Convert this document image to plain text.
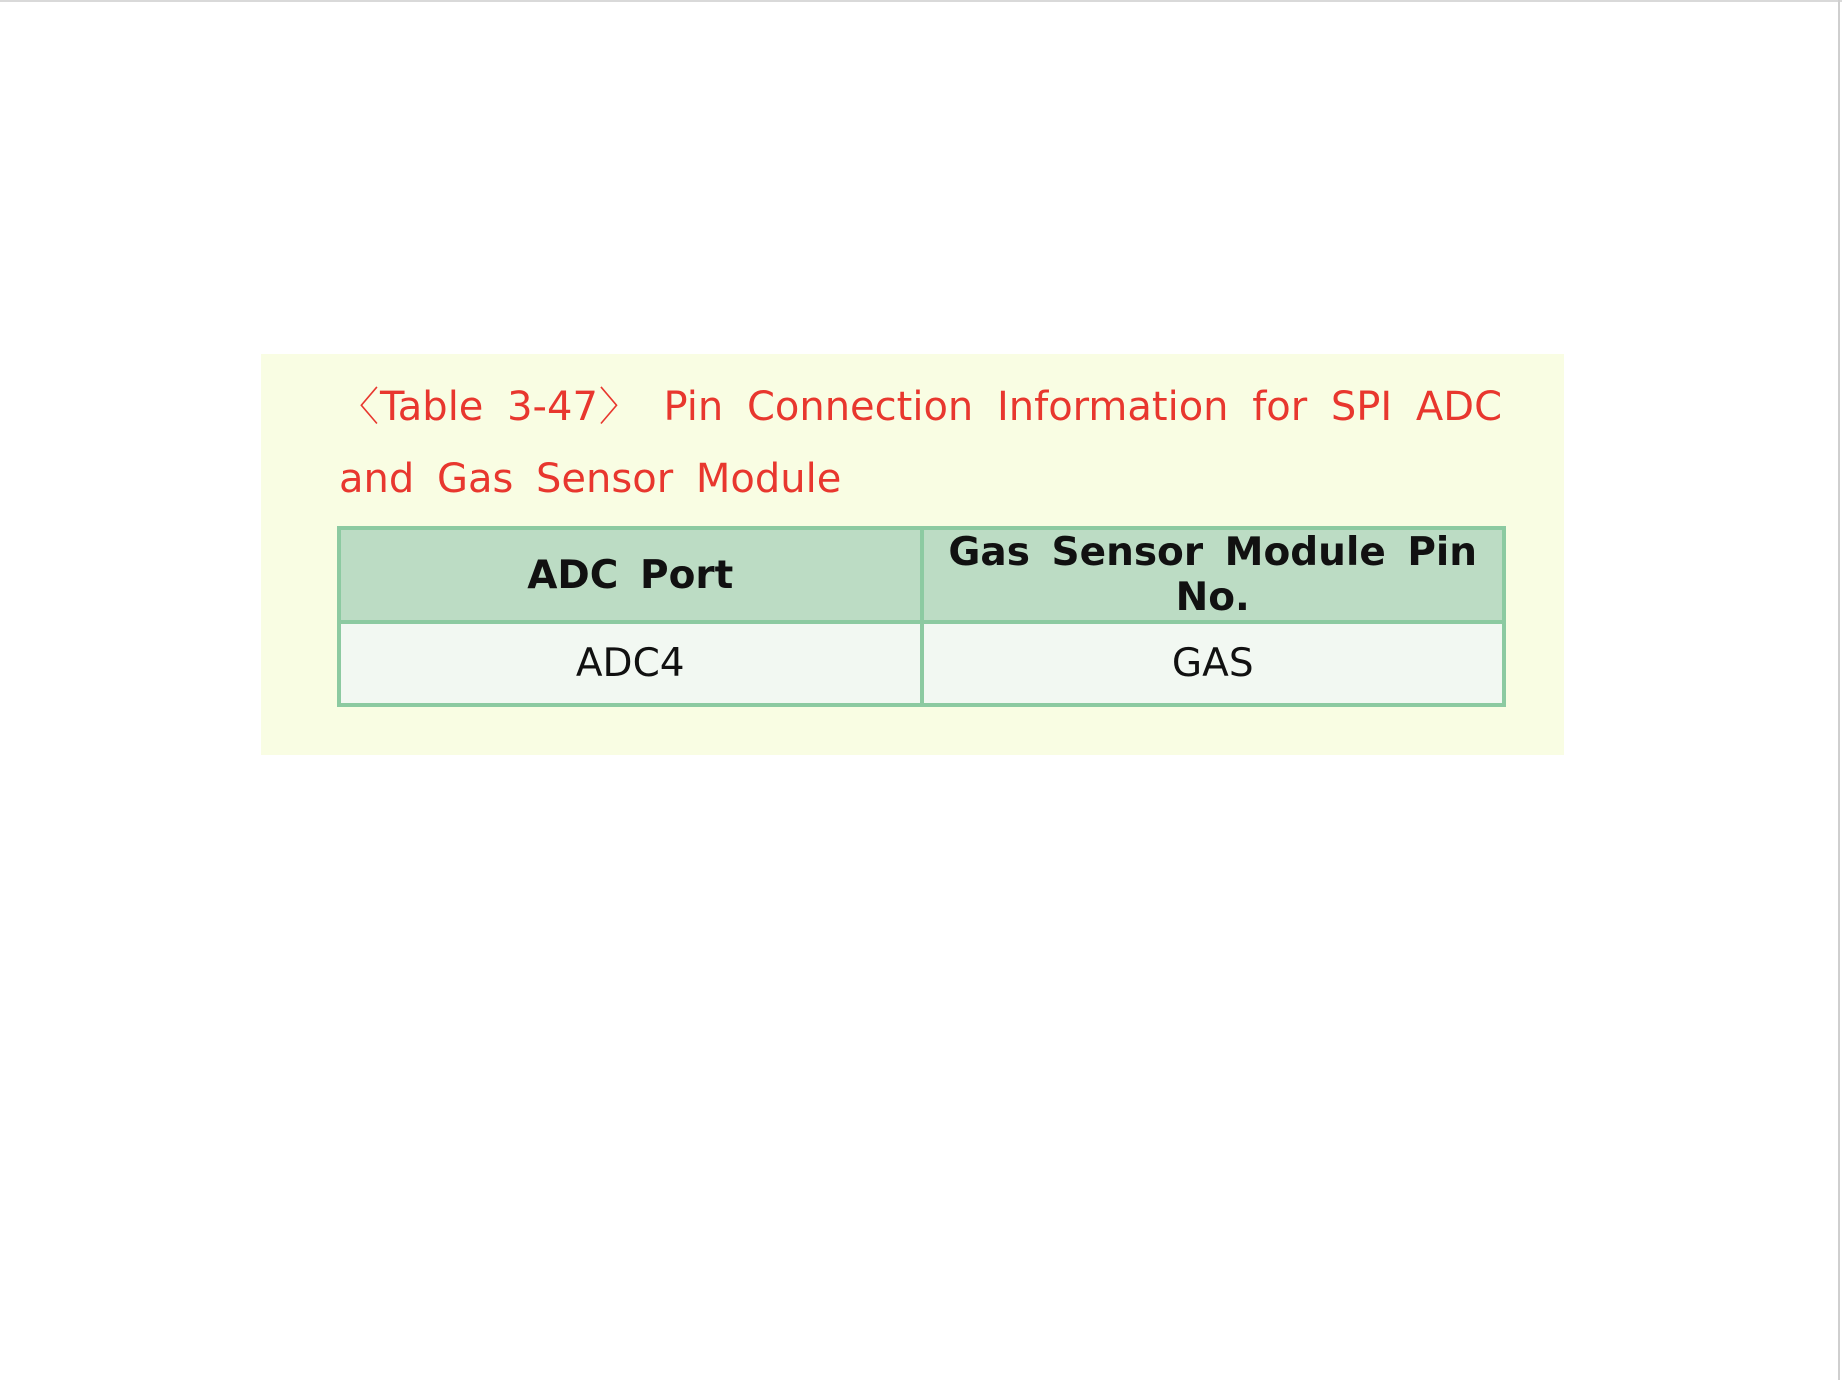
〈Table 3-47〉 Pin Connection Information for SPI ADC and Gas Sensor Module

ADC Port	Gas Sensor Module Pin No.
ADC4	GAS
